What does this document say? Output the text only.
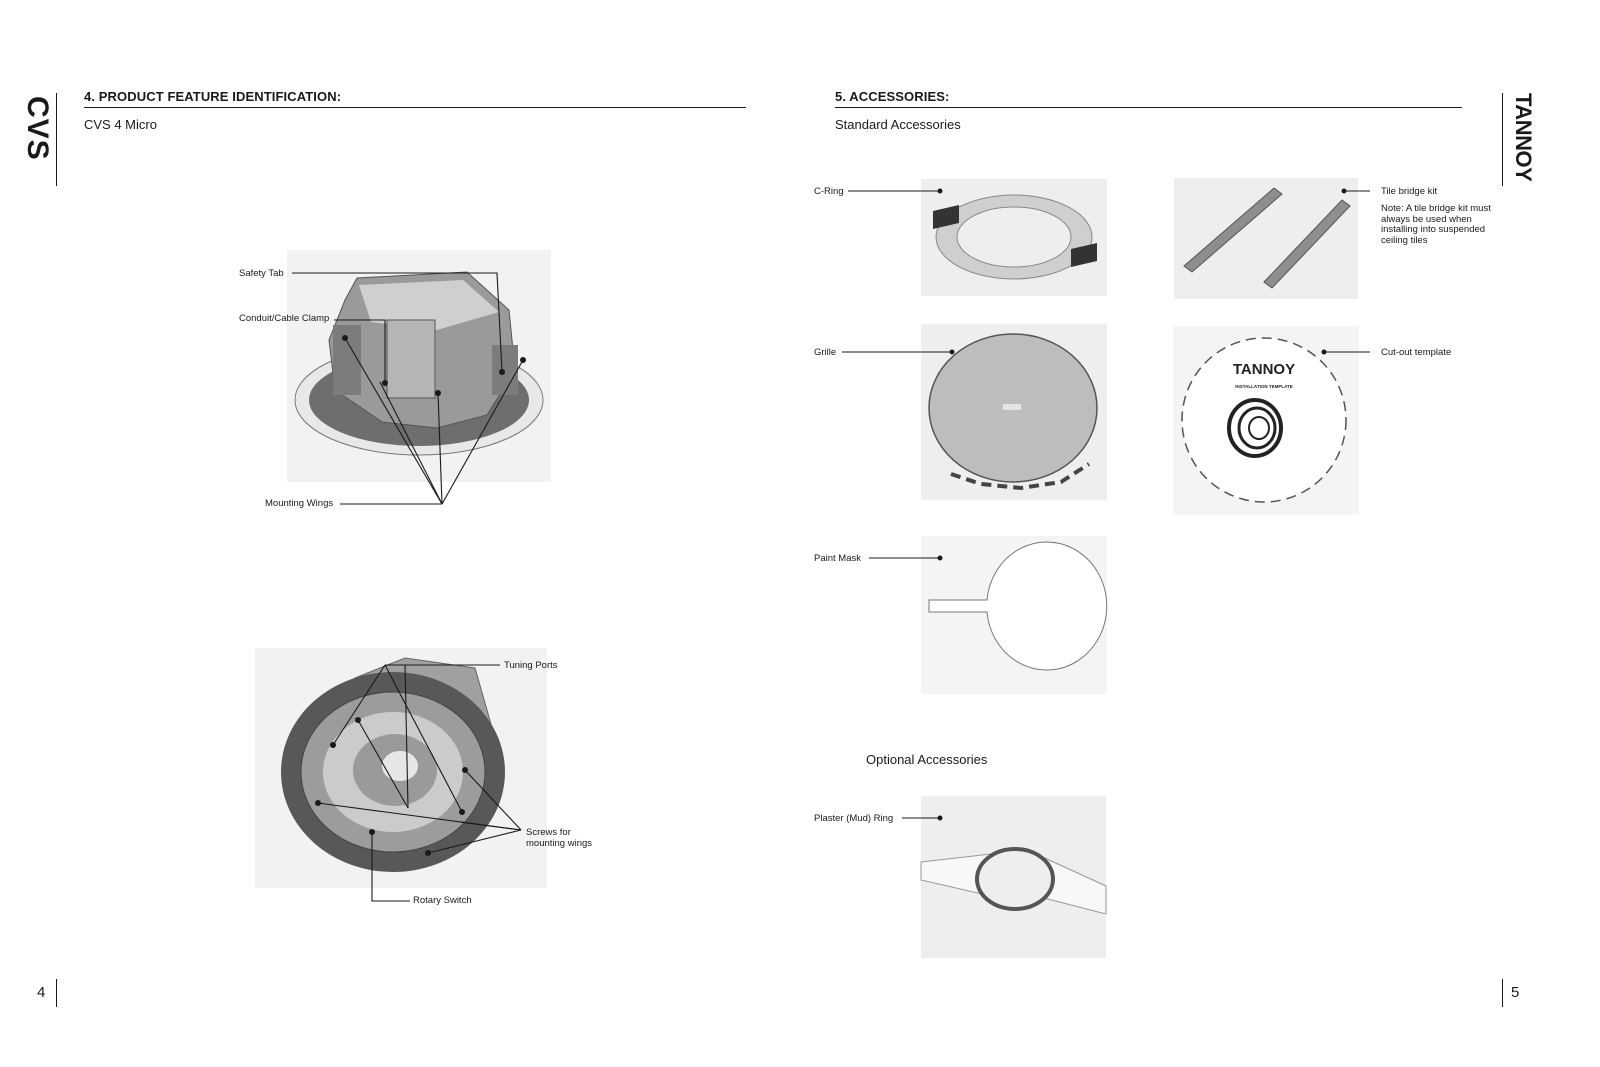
CVS 4. PRODUCT FEATURE IDENTIFICATION:
CVS 4 Micro
Safety Tab
Conduit/Cable Clamp
Mounting Wings
Tuning Ports
Screws for
mounting wings
Rotary Switch
4
5. ACCESSORIES:
Standard Accessories	TANNOY
C-Ring	Tile bridge kit
Note: A tile bridge kit must always be used when installing into suspended ceiling tiles
Grille
TANNOY
INSTALLATION TEMPLATE
Cut-out template
Paint Mask
Optional Accessories
Plaster (Mud) Ring
5
